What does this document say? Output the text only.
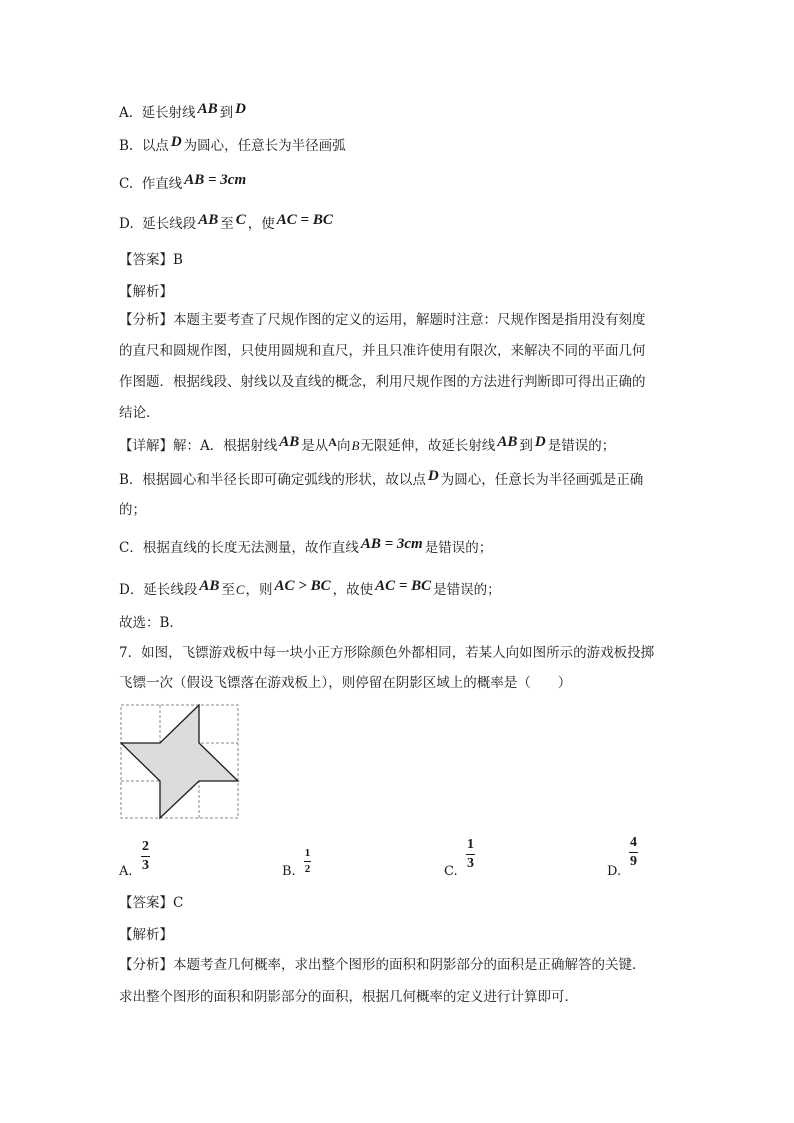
A. 延长射线 AB 到 D
B. 以点 D 为圆心，任意长为半径画弧
C. 作直线 AB = 3cm
D. 延长线段 AB 至 C ，使 AC = BC
【答案】B
【解析】
【分析】本题主要考查了尺规作图的定义的运用，解题时注意：尺规作图是指用没有刻度
的直尺和圆规作图，只使用圆规和直尺，并且只准许使用有限次，来解决不同的平面几何
作图题．根据线段、射线以及直线的概念，利用尺规作图的方法进行判断即可得出正确的
结论．
【详解】解：A．根据射线 AB 是从A向B无限延伸，故延长射线 AB 到 D 是错误的；
B．根据圆心和半径长即可确定弧线的形状，故以点 D 为圆心，任意长为半径画弧是正确
的；
C．根据直线的长度无法测量，故作直线 AB = 3cm 是错误的；
D．延长线段 AB 至C，则 AC > BC ，故使 AC = BC 是错误的；
故选：B．
7．如图，飞镖游戏板中每一块小正方形除颜色外都相同，若某人向如图所示的游戏板投掷
飞镖一次（假设飞镖落在游戏板上），则停留在阴影区域上的概率是（　　）
A.
2
3	B.
1
2	C.
1
3
D.
4
9
【答案】C
【解析】
【分析】本题考查几何概率，求出整个图形的面积和阴影部分的面积是正确解答的关键．
求出整个图形的面积和阴影部分的面积，根据几何概率的定义进行计算即可．
